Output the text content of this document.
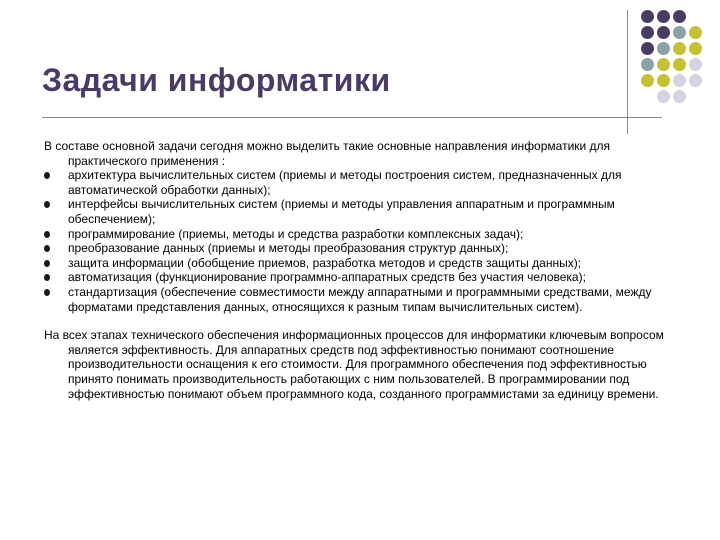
Задачи информатики

В составе основной задачи сегодня можно выделить такие основные направления информатики для практического применения :

архитектура вычислительных систем (приемы и методы построения систем, предназначенных для автоматической обработки данных);
интерфейсы вычислительных систем (приемы и методы управления аппаратным и программным обеспечением);
программирование (приемы, методы и средства разработки комплексных задач);
преобразование данных (приемы и методы преобразования структур данных);
защита информации (обобщение приемов, разработка методов и средств защиты данных);
автоматизация (функционирование программно-аппаратных средств без участия человека);
стандартизация (обеспечение совместимости между аппаратными и программными средствами, между форматами представления данных, относящихся к разным типам вычислительных систем).

На всех этапах технического обеспечения информационных процессов для информатики ключевым вопросом является эффективность. Для аппаратных средств под эффективностью понимают соотношение производительности оснащения к его стоимости. Для программного обеспечения под эффективностью принято понимать производительность работающих с ним пользователей. В программировании под эффективностью понимают объем программного кода, созданного программистами за единицу времени.
